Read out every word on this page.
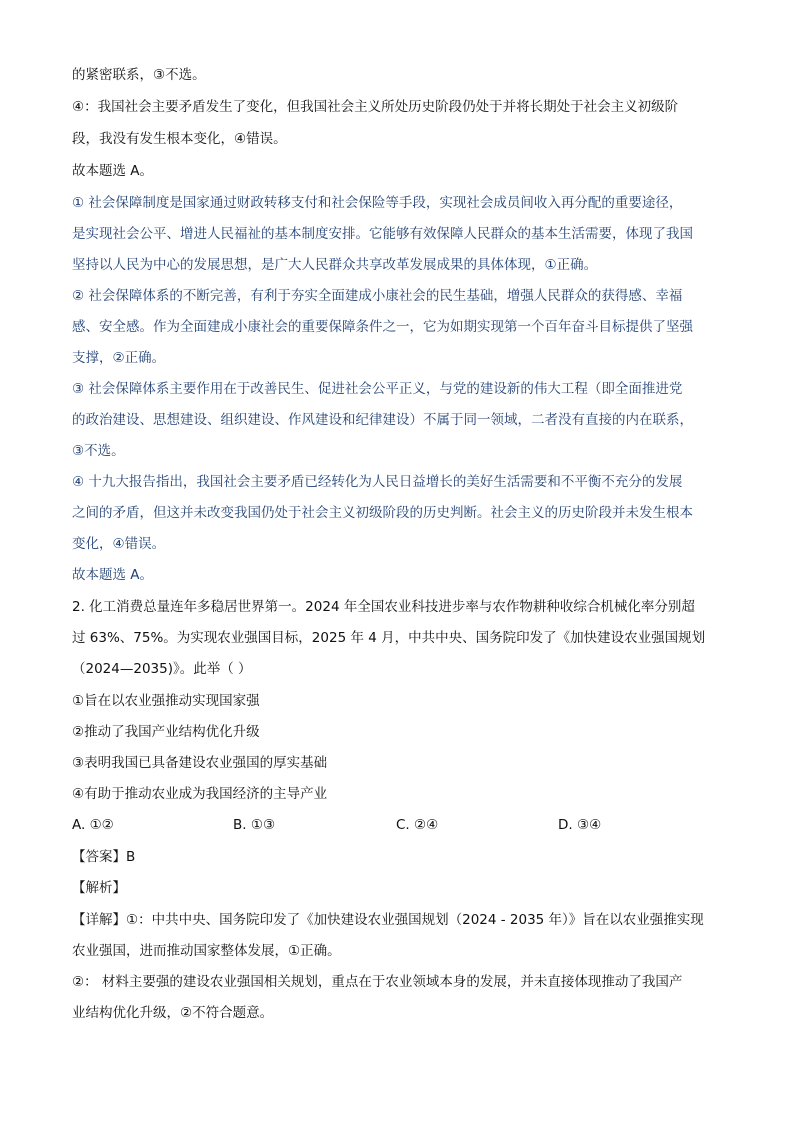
的紧密联系，③不选。
④：我国社会主要矛盾发生了变化，但我国社会主义所处历史阶段仍处于并将长期处于社会主义初级阶
段，我没有发生根本变化，④错误。
故本题选 A。
① 社会保障制度是国家通过财政转移支付和社会保险等手段，实现社会成员间收入再分配的重要途径，
是实现社会公平、增进人民福祉的基本制度安排。它能够有效保障人民群众的基本生活需要，体现了我国
坚持以人民为中心的发展思想，是广大人民群众共享改革发展成果的具体体现，①正确。
② 社会保障体系的不断完善，有利于夯实全面建成小康社会的民生基础，增强人民群众的获得感、幸福
感、安全感。作为全面建成小康社会的重要保障条件之一，它为如期实现第一个百年奋斗目标提供了坚强
支撑，②正确。
③ 社会保障体系主要作用在于改善民生、促进社会公平正义，与党的建设新的伟大工程（即全面推进党
的政治建设、思想建设、组织建设、作风建设和纪律建设）不属于同一领域，二者没有直接的内在联系，
③不选。
④ 十九大报告指出，我国社会主要矛盾已经转化为人民日益增长的美好生活需要和不平衡不充分的发展
之间的矛盾，但这并未改变我国仍处于社会主义初级阶段的历史判断。社会主义的历史阶段并未发生根本
变化，④错误。
故本题选 A。
2. 化工消费总量连年多稳居世界第一。2024 年全国农业科技进步率与农作物耕种收综合机械化率分别超
过 63%、75%。为实现农业强国目标，2025 年 4 月，中共中央、国务院印发了《加快建设农业强国规划
（2024—2035)》。此举（ ）
①旨在以农业强推动实现国家强
②推动了我国产业结构优化升级
③表明我国已具备建设农业强国的厚实基础
④有助于推动农业成为我国经济的主导产业
A. ①②	B. ①③	C. ②④	D. ③④
【答案】B
【解析】
【详解】①：中共中央、国务院印发了《加快建设农业强国规划（2024 - 2035 年）》旨在以农业强推实现
农业强国，进而推动国家整体发展，①正确。
②： 材料主要强的建设农业强国相关规划，重点在于农业领域本身的发展，并未直接体现推动了我国产
业结构优化升级，②不符合题意。
